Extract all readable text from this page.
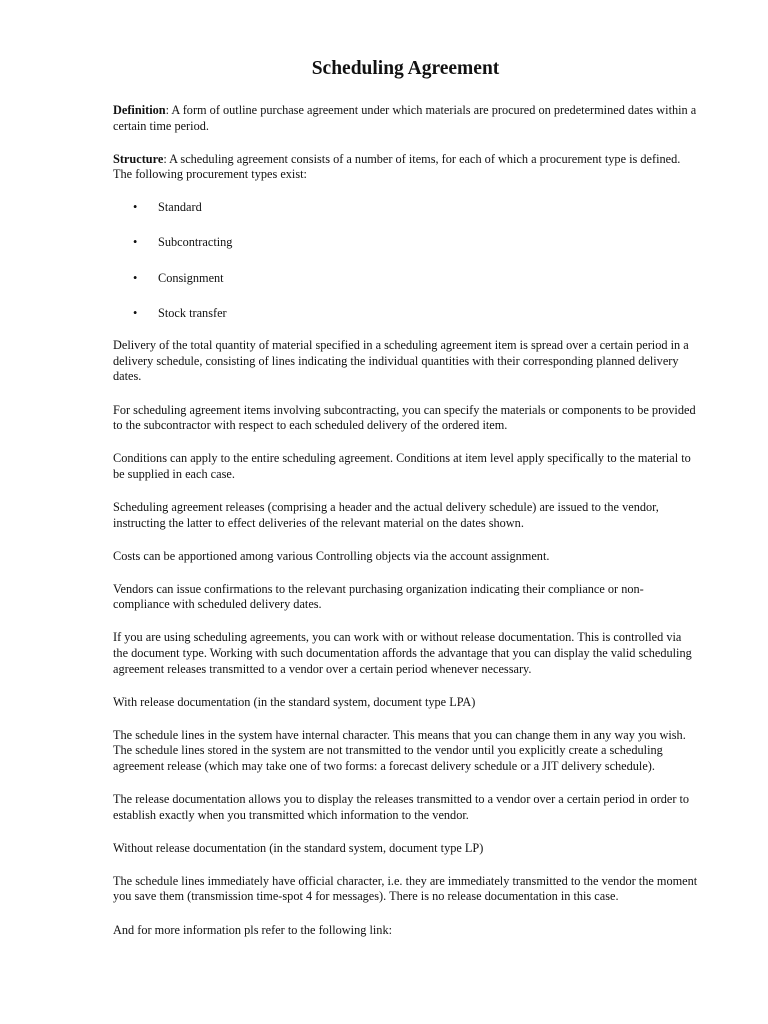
Scheduling Agreement

Definition: A form of outline purchase agreement under which materials are procured on predetermined dates within a certain time period.

Structure: A scheduling agreement consists of a number of items, for each of which a procurement type is defined. The following procurement types exist:

• Standard
• Subcontracting
• Consignment
• Stock transfer

Delivery of the total quantity of material specified in a scheduling agreement item is spread over a certain period in a delivery schedule, consisting of lines indicating the individual quantities with their corresponding planned delivery dates.

For scheduling agreement items involving subcontracting, you can specify the materials or components to be provided to the subcontractor with respect to each scheduled delivery of the ordered item.

Conditions can apply to the entire scheduling agreement. Conditions at item level apply specifically to the material to be supplied in each case.

Scheduling agreement releases (comprising a header and the actual delivery schedule) are issued to the vendor, instructing the latter to effect deliveries of the relevant material on the dates shown.

Costs can be apportioned among various Controlling objects via the account assignment.

Vendors can issue confirmations to the relevant purchasing organization indicating their compliance or non-compliance with scheduled delivery dates.

If you are using scheduling agreements, you can work with or without release documentation. This is controlled via the document type. Working with such documentation affords the advantage that you can display the valid scheduling agreement releases transmitted to a vendor over a certain period whenever necessary.

With release documentation (in the standard system, document type LPA)

The schedule lines in the system have internal character. This means that you can change them in any way you wish. The schedule lines stored in the system are not transmitted to the vendor until you explicitly create a scheduling agreement release (which may take one of two forms: a forecast delivery schedule or a JIT delivery schedule).

The release documentation allows you to display the releases transmitted to a vendor over a certain period in order to establish exactly when you transmitted which information to the vendor.

Without release documentation (in the standard system, document type LP)

The schedule lines immediately have official character, i.e. they are immediately transmitted to the vendor the moment you save them (transmission time-spot 4 for messages). There is no release documentation in this case.

And for more information pls refer to the following link:
